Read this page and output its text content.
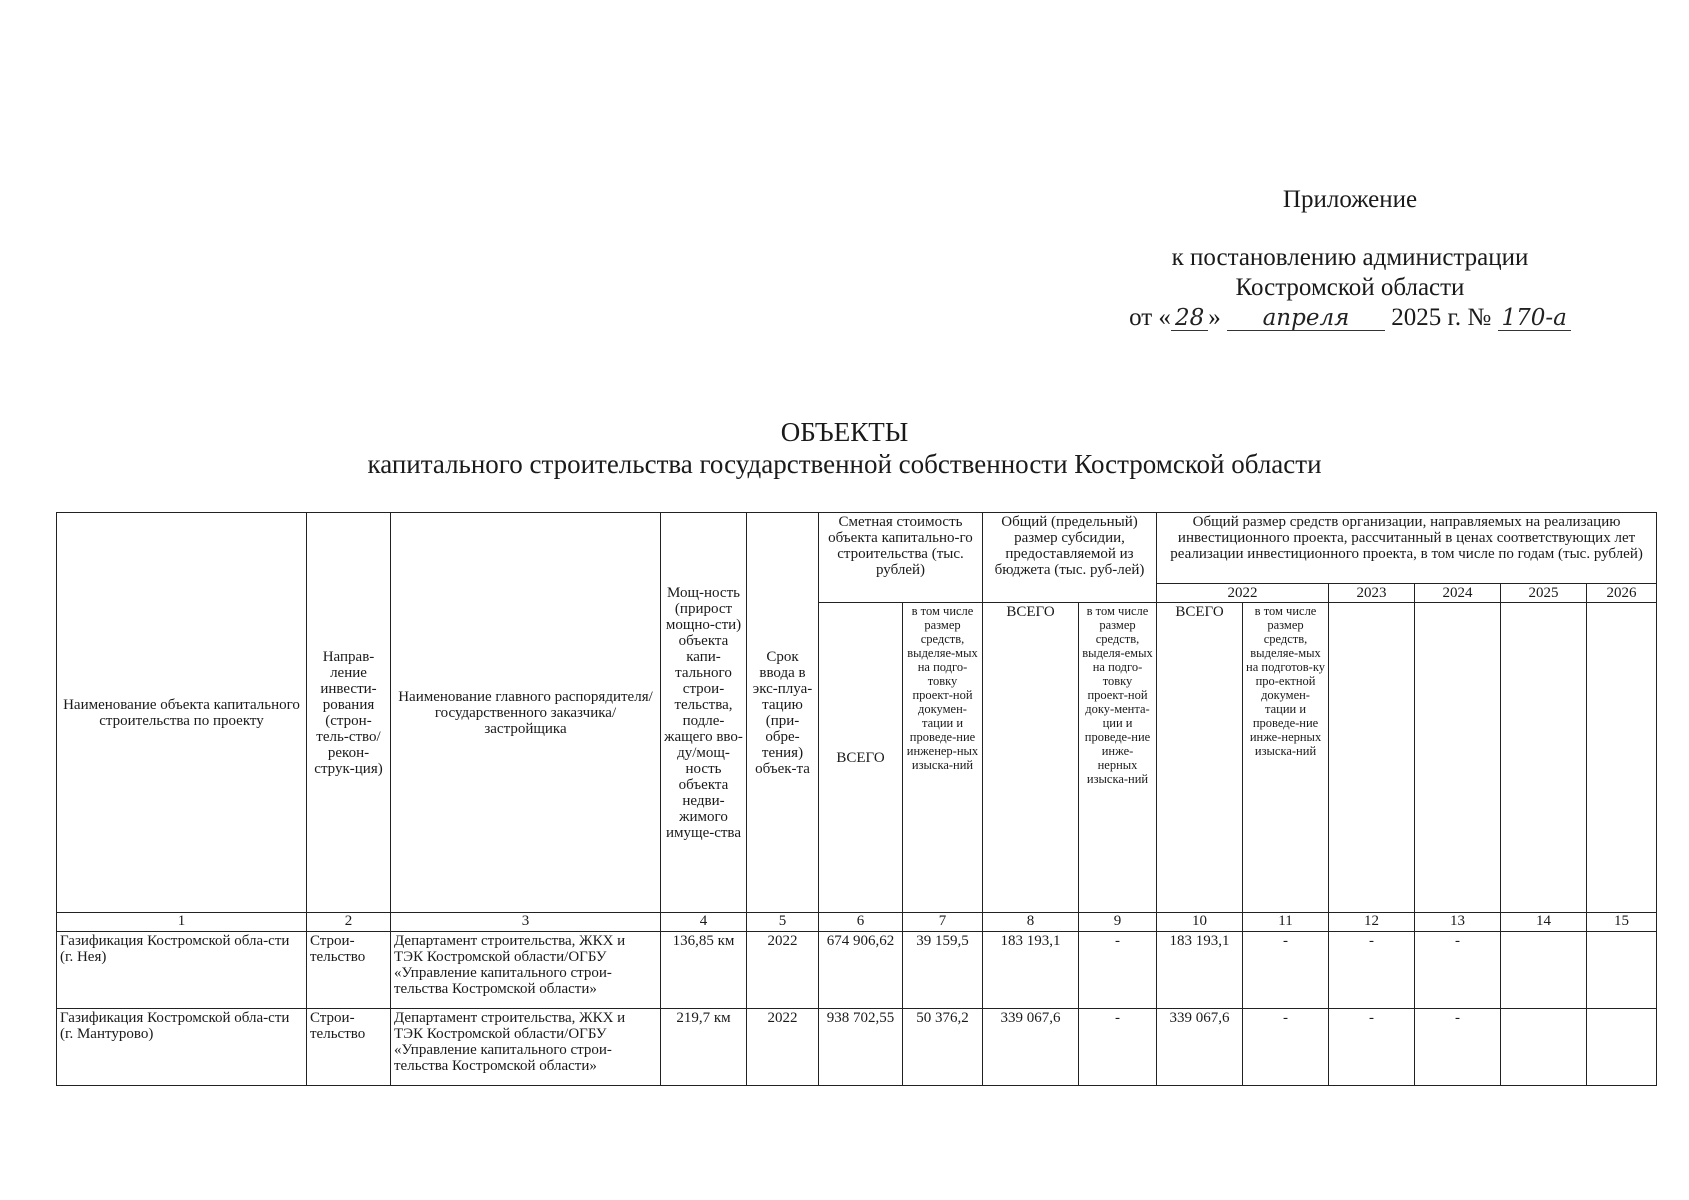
Приложение
к постановлению администрации
Костромской области
от « 28 » апреля 2025 г. № 170-а
ОБЪЕКТЫ
капитального строительства государственной собственности Костромской области
Наименование объекта капитального строительства по проекту	Направ-ление инвести-рования (строн-тель-ство/ рекон-струк-ция)	Наименование главного распорядителя/ государственного заказчика/ застройщика	Мощ-ность (прирост мощно-сти) объекта капи-тального строи-тельства, подле-жащего вво-ду/мощ-ность объекта недви-жимого имуще-ства	Срок ввода в экс-плуа-тацию (при-обре-тения) объек-та	Сметная стоимость объекта капитально-го строительства (тыс. рублей)		Общий (предельный) размер субсидии, предоставляемой из бюджета (тыс. руб-лей)		Общий размер средств организации, направляемых на реализацию инвестиционного проекта, рассчитанный в ценах соответствующих лет реализации инвестиционного проекта, в том числе по годам (тыс. рублей)					
									2022		2023	2024	2025	2026
					ВСЕГО	в том числе размер средств, выделяе-мых на подго-товку проект-ной докумен-тации и проведе-ние инженер-ных изыска-ний	ВСЕГО	в том числе размер средств, выделя-емых на подго-товку проект-ной доку-мента-ции и проведе-ние инже-нерных изыска-ний	ВСЕГО	в том числе размер средств, выделяе-мых на подготов-ку про-ектной докумен-тации и проведе-ние инже-нерных изыска-ний				
1	2	3	4	5	6	7	8	9	10	11	12	13	14	15
Газификация Костромской обла-сти (г. Нея)	Строи-тельство	Департамент строительства, ЖКХ и ТЭК Костромской области/ОГБУ «Управление капитального строи-тельства Костромской области»	136,85 км	2022	674 906,62	39 159,5	183 193,1	-	183 193,1	-	-	-		
Газификация Костромской обла-сти (г. Мантурово)	Строи-тельство	Департамент строительства, ЖКХ и ТЭК Костромской области/ОГБУ «Управление капитального строи-тельства Костромской области»	219,7 км	2022	938 702,55	50 376,2	339 067,6	-	339 067,6	-	-	-		
